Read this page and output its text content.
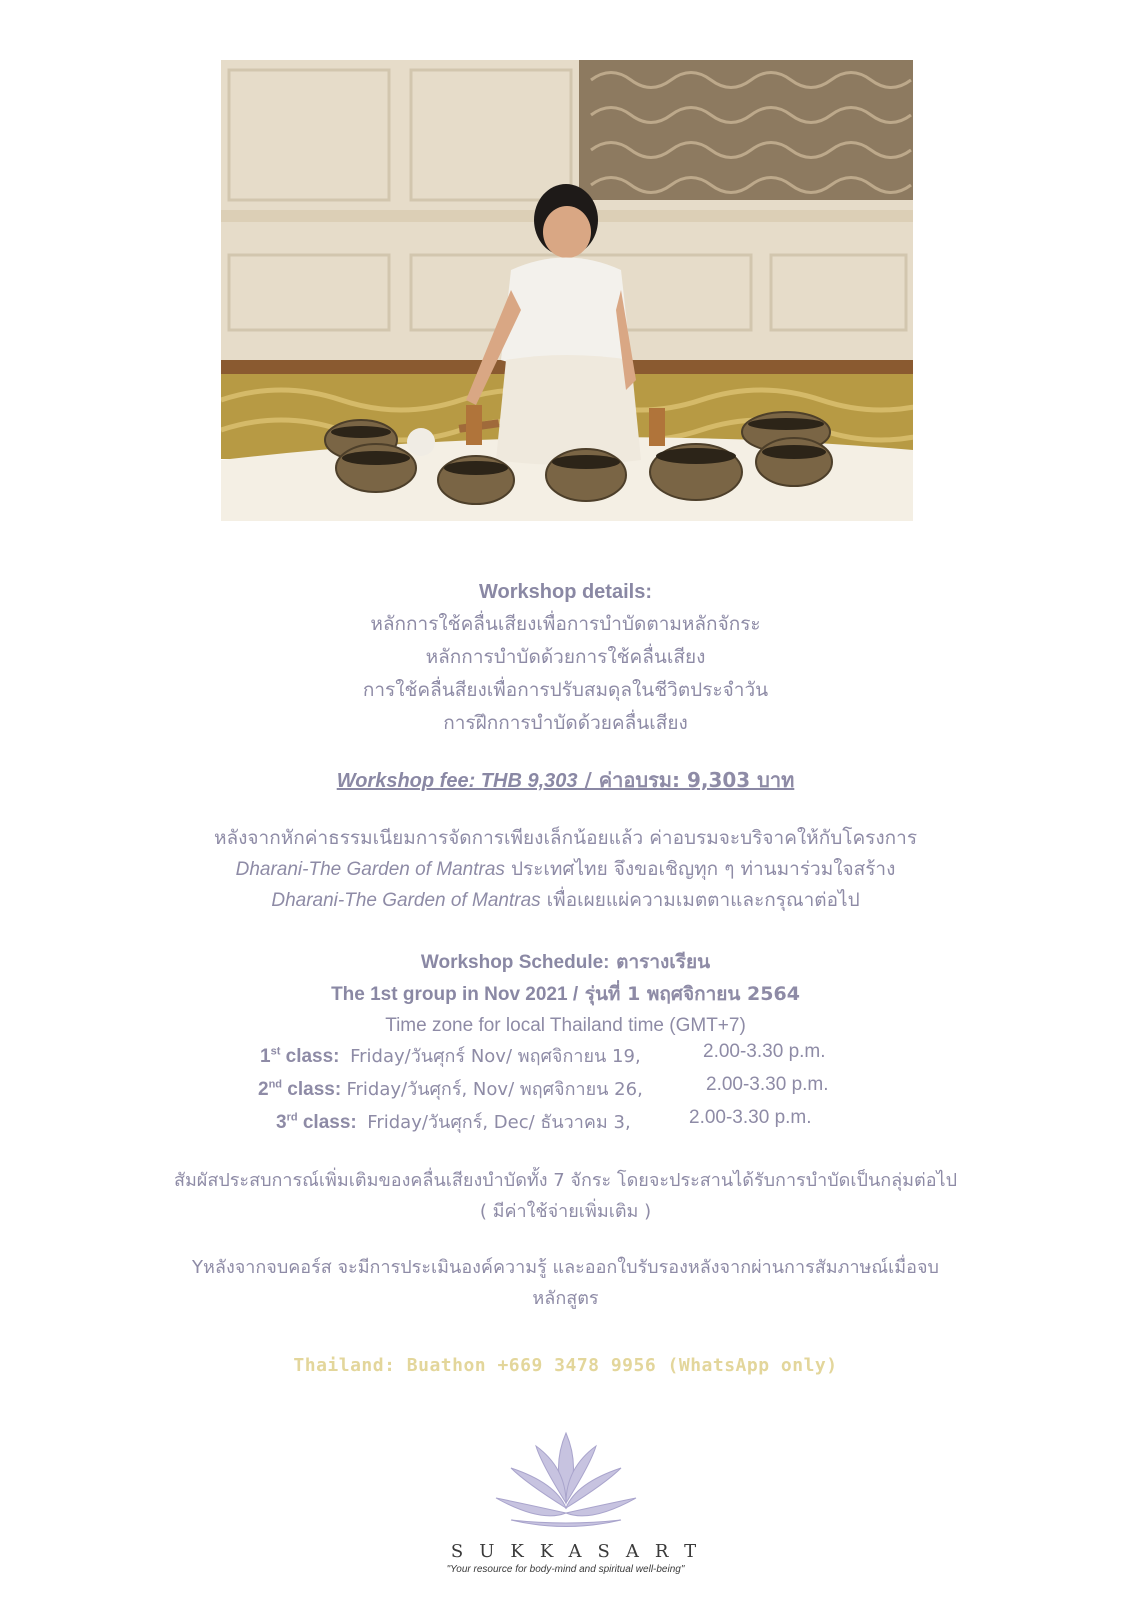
Workshop details:
หลักการใช้คลื่นเสียงเพื่อการบำบัดตามหลักจักระ
หลักการบำบัดด้วยการใช้คลื่นเสียง
การใช้คลื่นสียงเพื่อการปรับสมดุลในชีวิตประจำวัน
การฝึกการบำบัดด้วยคลื่นเสียง
Workshop fee: THB 9,303 / ค่าอบรม: 9,303 บาท
หลังจากหักค่าธรรมเนียมการจัดการเพียงเล็กน้อยแล้ว ค่าอบรมจะบริจาคให้กับโครงการ
Dharani-The Garden of Mantras ประเทศไทย จึงขอเชิญทุก ๆ ท่านมาร่วมใจสร้าง
Dharani-The Garden of Mantras เพื่อเผยแผ่ความเมตตาและกรุณาต่อไป
Workshop Schedule: ตารางเรียน
The 1st group in Nov 2021 / รุ่นที่ 1 พฤศจิกายน 2564
Time zone for local Thailand time (GMT+7)
1st class: Friday/วันศุกร์ Nov/ พฤศจิกายน 19,	2.00-3.30 p.m.
2nd class: Friday/วันศุกร์, Nov/ พฤศจิกายน 26,	2.00-3.30 p.m.
3rd class: Friday/วันศุกร์, Dec/ ธันวาคม 3,	2.00-3.30 p.m.
สัมผัสประสบการณ์เพิ่มเติมของคลื่นเสียงบำบัดทั้ง 7 จักระ โดยจะประสานได้รับการบำบัดเป็นกลุ่มต่อไป
( มีค่าใช้จ่ายเพิ่มเติม )
Yหลังจากจบคอร์ส จะมีการประเมินองค์ความรู้ และออกใบรับรองหลังจากผ่านการสัมภาษณ์เมื่อจบ
หลักสูตร
Thailand: Buathon +669 3478 9956 (WhatsApp only)
SUKKASART
"Your resource for body-mind and spiritual well-being"
